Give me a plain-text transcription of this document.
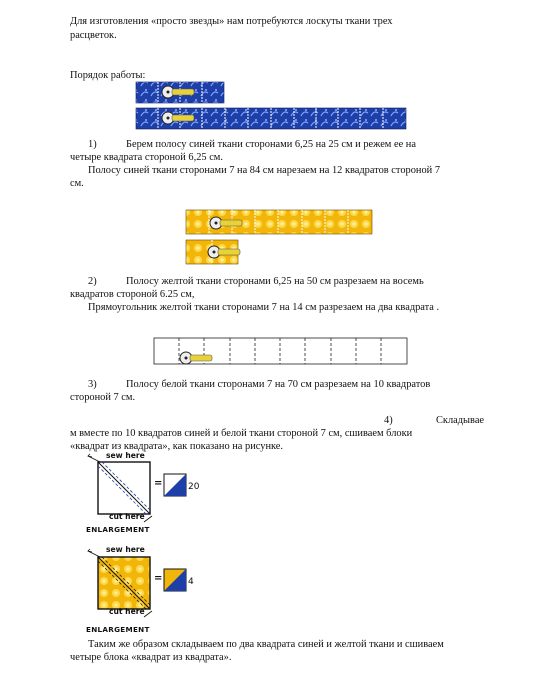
Для изготовления «просто звезды» нам потребуются лоскуты ткани трех

расцветок.

Порядок работы:

1)	Берем полосу синей ткани сторонами 6,25 на 25 см и режем ее на

четыре квадрата стороной 6,25 см.

Полосу синей ткани сторонами 7 на 84 см нарезаем на 12 квадратов стороной 7

см.

2)	Полосу желтой ткани сторонами 6,25 на 50 см разрезаем на восемь

квадратов стороной 6.25 см,

Прямоугольник желтой ткани сторонами 7 на 14 см разрезаем на два квадрата .

3)	Полосу белой ткани сторонами 7 на 70 см разрезаем на 10 квадратов

стороной 7 см.

4)	Складывае

м вместе по 10 квадратов синей и белой ткани стороной 7 см, сшиваем блоки

«квадрат из квадрата», как показано на рисунке.

sew here
=	20
cut here
ENLARGEMENT
sew here
=	4
cut here
ENLARGEMENT

Таким же образом складываем по два квадрата синей и желтой ткани и сшиваем

четыре блока «квадрат из квадрата».
